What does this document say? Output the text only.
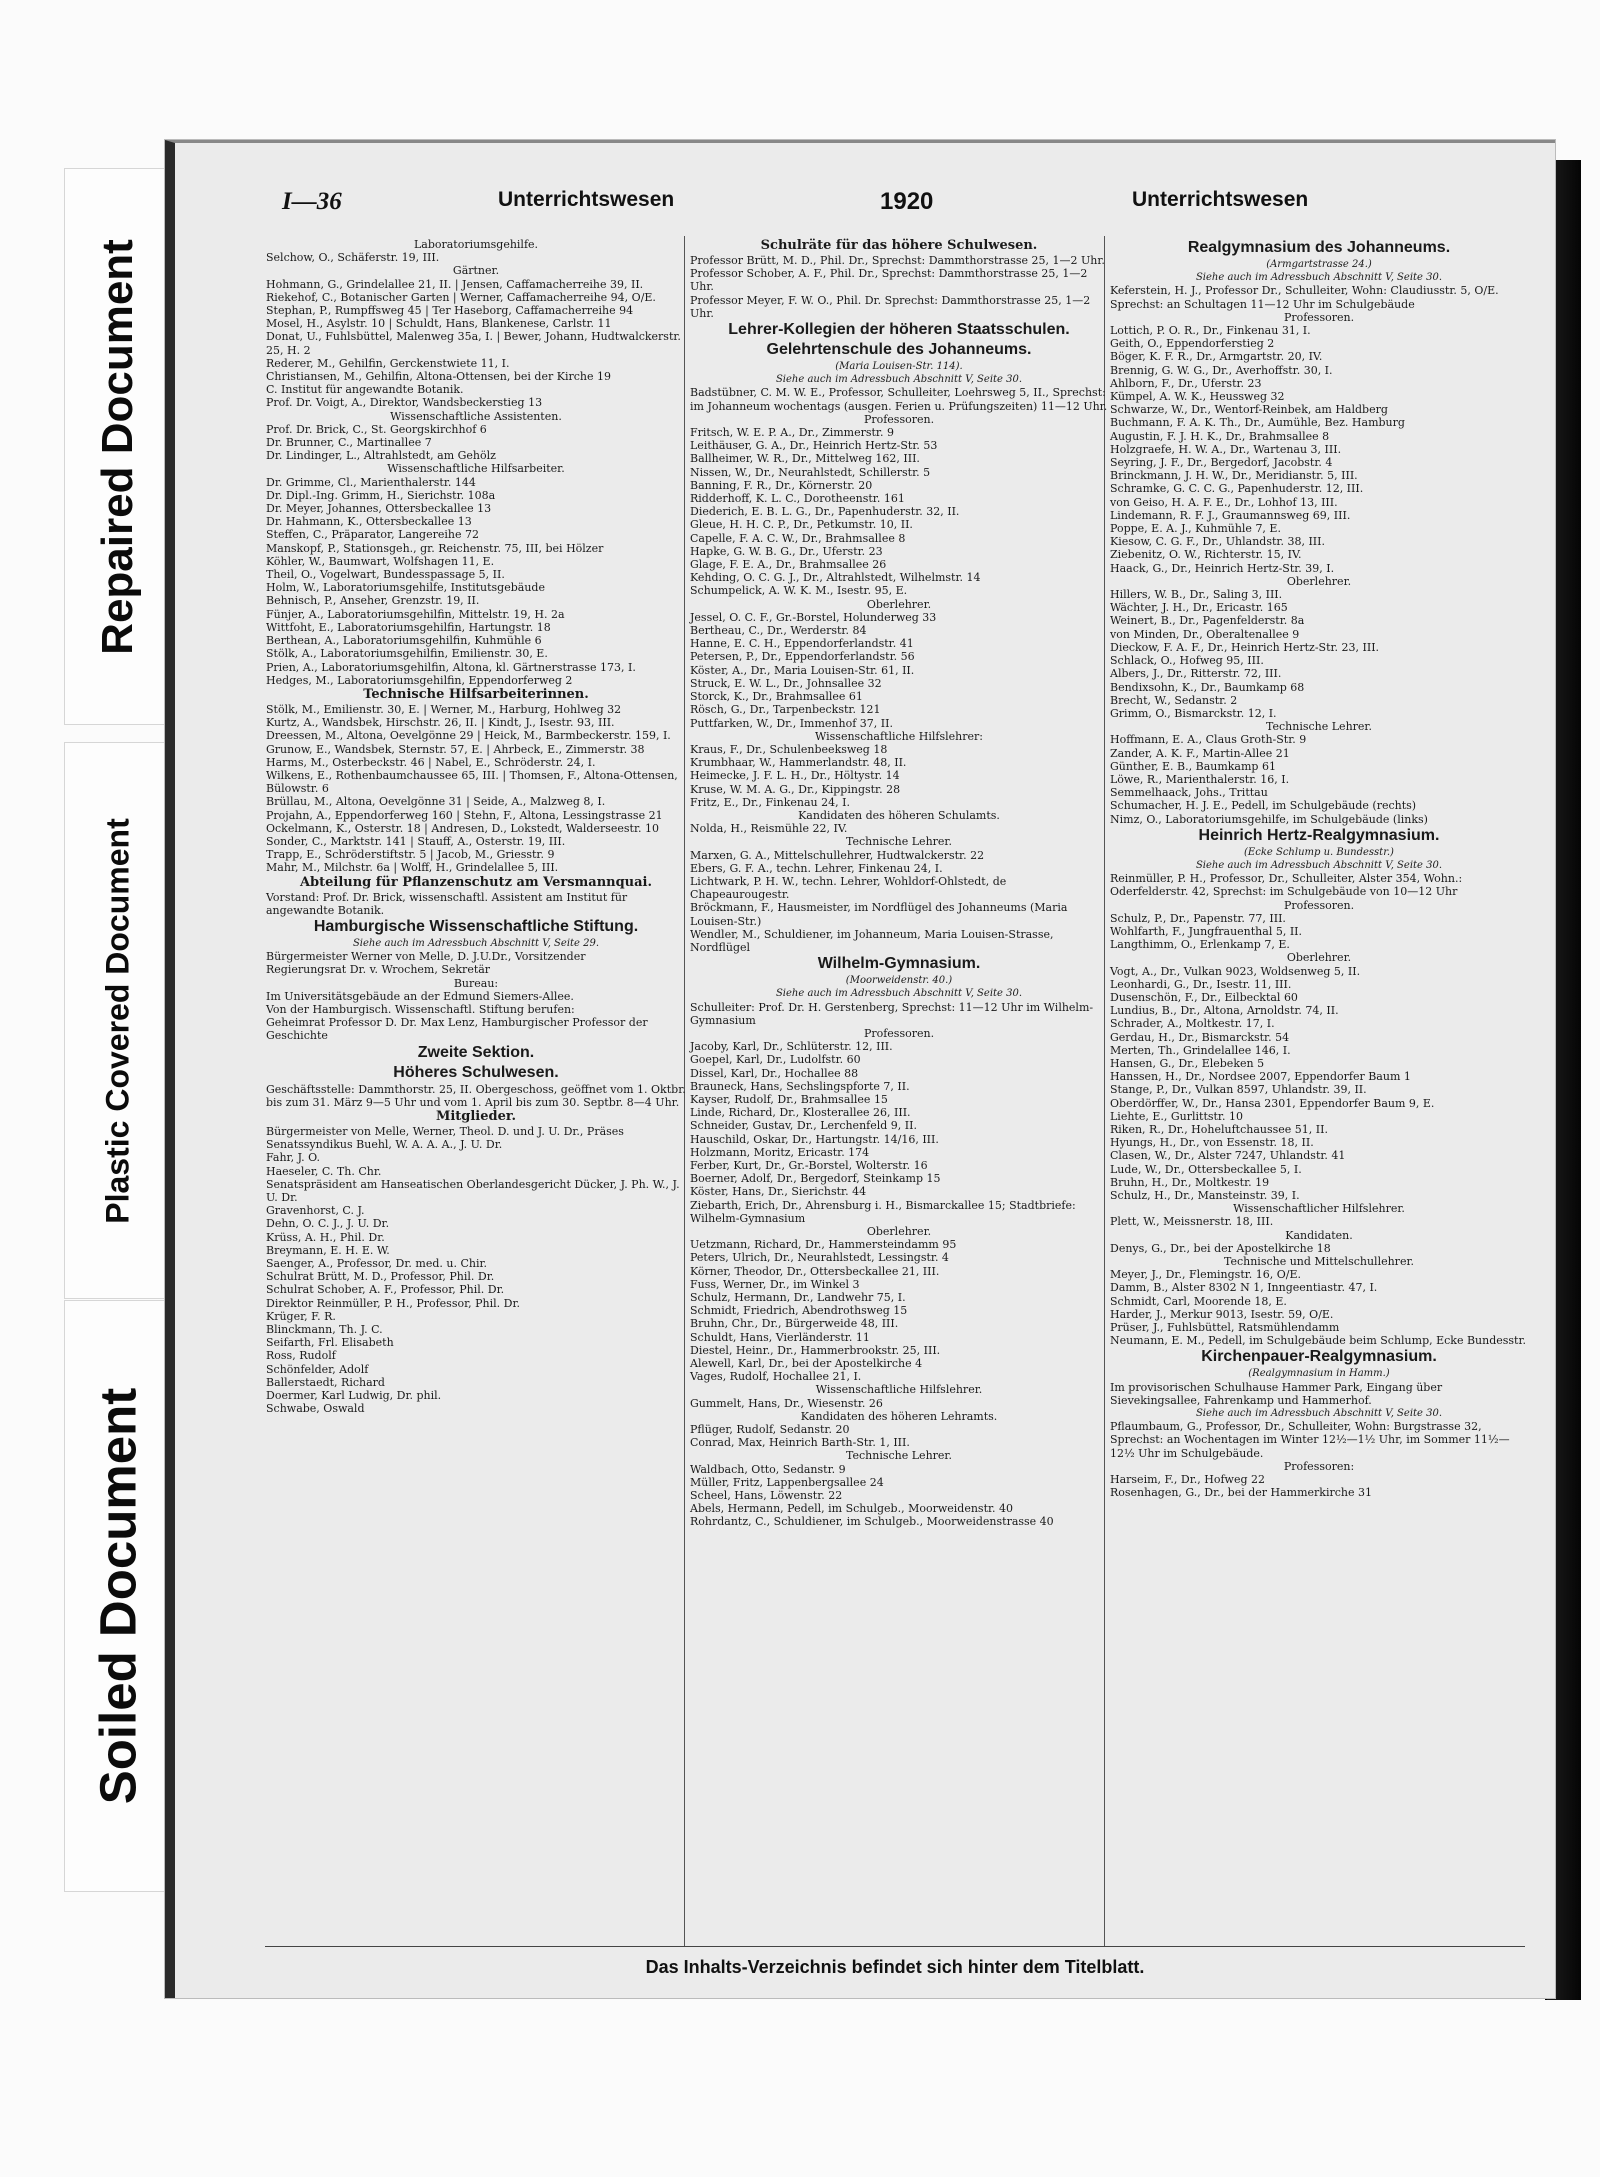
Repaired Document
Plastic Covered Document
Soiled Document
I—36	Unterrichtswesen	1920	Unterrichtswesen
Laboratoriumsgehilfe.
Selchow, O., Schäferstr. 19, III.
Gärtner.
Hohmann, G., Grindelallee 21, II. | Jensen, Caffamacherreihe 39, II.
Riekehof, C., Botanischer Garten | Werner, Caffamacherreihe 94, O/E.
Stephan, P., Rumpffsweg 45 | Ter Haseborg, Caffamacherreihe 94
Mosel, H., Asylstr. 10 | Schuldt, Hans, Blankenese, Carlstr. 11
Donat, U., Fuhlsbüttel, Malenweg 35a, I. | Bewer, Johann, Hudtwalckerstr. 25, H. 2
Rederer, M., Gehilfin, Gerckenstwiete 11, I.
Christiansen, M., Gehilfin, Altona-Ottensen, bei der Kirche 19
C. Institut für angewandte Botanik.
Prof. Dr. Voigt, A., Direktor, Wandsbeckerstieg 13
Wissenschaftliche Assistenten.
Prof. Dr. Brick, C., St. Georgskirchhof 6
Dr. Brunner, C., Martinallee 7
Dr. Lindinger, L., Altrahlstedt, am Gehölz
Wissenschaftliche Hilfsarbeiter.
Dr. Grimme, Cl., Marienthalerstr. 144
Dr. Dipl.-Ing. Grimm, H., Sierichstr. 108a
Dr. Meyer, Johannes, Ottersbeckallee 13
Dr. Hahmann, K., Ottersbeckallee 13
Steffen, C., Präparator, Langereihe 72
Manskopf, P., Stationsgeh., gr. Reichenstr. 75, III, bei Hölzer
Köhler, W., Baumwart, Wolfshagen 11, E.
Theil, O., Vogelwart, Bundesspassage 5, II.
Holm, W., Laboratoriumsgehilfe, Institutsgebäude
Behnisch, P., Anseher, Grenzstr. 19, II.
Fünjer, A., Laboratoriumsgehilfin, Mittelstr. 19, H. 2a
Wittfoht, E., Laboratoriumsgehilfin, Hartungstr. 18
Berthean, A., Laboratoriumsgehilfin, Kuhmühle 6
Stölk, A., Laboratoriumsgehilfin, Emilienstr. 30, E.
Prien, A., Laboratoriumsgehilfin, Altona, kl. Gärtnerstrasse 173, I.
Hedges, M., Laboratoriumsgehilfin, Eppendorferweg 2
Technische Hilfsarbeiterinnen.
Stölk, M., Emilienstr. 30, E. | Werner, M., Harburg, Hohlweg 32
Kurtz, A., Wandsbek, Hirschstr. 26, II. | Kindt, J., Isestr. 93, III.
Dreessen, M., Altona, Oevelgönne 29 | Heick, M., Barmbeckerstr. 159, I.
Grunow, E., Wandsbek, Sternstr. 57, E. | Ahrbeck, E., Zimmerstr. 38
Harms, M., Osterbeckstr. 46 | Nabel, E., Schröderstr. 24, I.
Wilkens, E., Rothenbaumchaussee 65, III. | Thomsen, F., Altona-Ottensen, Bülowstr. 6
Brüllau, M., Altona, Oevelgönne 31 | Seide, A., Malzweg 8, I.
Projahn, A., Eppendorferweg 160 | Stehn, F., Altona, Lessingstrasse 21
Ockelmann, K., Osterstr. 18 | Andresen, D., Lokstedt, Walderseestr. 10
Sonder, C., Marktstr. 141 | Stauff, A., Osterstr. 19, III.
Trapp, E., Schröderstiftstr. 5 | Jacob, M., Griesstr. 9
Mahr, M., Milchstr. 6a | Wolff, H., Grindelallee 5, III.
Abteilung für Pflanzenschutz am Versmannquai.
Vorstand: Prof. Dr. Brick, wissenschaftl. Assistent am Institut für angewandte Botanik.
Hamburgische Wissenschaftliche Stiftung.
Siehe auch im Adressbuch Abschnitt V, Seite 29.
Bürgermeister Werner von Melle, D. J.U.Dr., Vorsitzender
Regierungsrat Dr. v. Wrochem, Sekretär
Bureau:
Im Universitätsgebäude an der Edmund Siemers-Allee.
Von der Hamburgisch. Wissenschaftl. Stiftung berufen:
Geheimrat Professor D. Dr. Max Lenz, Hamburgischer Professor der Geschichte
Zweite Sektion.
Höheres Schulwesen.
Geschäftsstelle: Dammthorstr. 25, II. Obergeschoss, geöffnet vom 1. Oktbr. bis zum 31. März 9—5 Uhr und vom 1. April bis zum 30. Septbr. 8—4 Uhr.
Mitglieder.
Bürgermeister von Melle, Werner, Theol. D. und J. U. Dr., Präses
Senatssyndikus Buehl, W. A. A. A., J. U. Dr.
Fahr, J. O.
Haeseler, C. Th. Chr.
Senatspräsident am Hanseatischen Oberlandesgericht Dücker, J. Ph. W., J. U. Dr.
Gravenhorst, C. J.
Dehn, O. C. J., J. U. Dr.
Krüss, A. H., Phil. Dr.
Breymann, E. H. E. W.
Saenger, A., Professor, Dr. med. u. Chir.
Schulrat Brütt, M. D., Professor, Phil. Dr.
Schulrat Schober, A. F., Professor, Phil. Dr.
Direktor Reinmüller, P. H., Professor, Phil. Dr.
Krüger, F. R.
Blinckmann, Th. J. C.
Seifarth, Frl. Elisabeth
Ross, Rudolf
Schönfelder, Adolf
Ballerstaedt, Richard
Doermer, Karl Ludwig, Dr. phil.
Schwabe, Oswald
Schulräte für das höhere Schulwesen.
Professor Brütt, M. D., Phil. Dr., Sprechst: Dammthorstrasse 25, 1—2 Uhr.
Professor Schober, A. F., Phil. Dr., Sprechst: Dammthorstrasse 25, 1—2 Uhr.
Professor Meyer, F. W. O., Phil. Dr. Sprechst: Dammthorstrasse 25, 1—2 Uhr.
Lehrer-Kollegien der höheren Staatsschulen.
Gelehrtenschule des Johanneums.
(Maria Louisen-Str. 114).
Siehe auch im Adressbuch Abschnitt V, Seite 30.
Badstübner, C. M. W. E., Professor, Schulleiter, Loehrsweg 5, II., Sprechst: im Johanneum wochentags (ausgen. Ferien u. Prüfungszeiten) 11—12 Uhr.
Professoren.
Fritsch, W. E. P. A., Dr., Zimmerstr. 9
Leithäuser, G. A., Dr., Heinrich Hertz-Str. 53
Ballheimer, W. R., Dr., Mittelweg 162, III.
Nissen, W., Dr., Neurahlstedt, Schillerstr. 5
Banning, F. R., Dr., Körnerstr. 20
Ridderhoff, K. L. C., Dorotheenstr. 161
Diederich, E. B. L. G., Dr., Papenhuderstr. 32, II.
Gleue, H. H. C. P., Dr., Petkumstr. 10, II.
Capelle, F. A. C. W., Dr., Brahmsallee 8
Hapke, G. W. B. G., Dr., Uferstr. 23
Glage, F. E. A., Dr., Brahmsallee 26
Kehding, O. C. G. J., Dr., Altrahlstedt, Wilhelmstr. 14
Schumpelick, A. W. K. M., Isestr. 95, E.
Oberlehrer.
Jessel, O. C. F., Gr.-Borstel, Holunderweg 33
Bertheau, C., Dr., Werderstr. 84
Hanne, E. C. H., Eppendorferlandstr. 41
Petersen, P., Dr., Eppendorferlandstr. 56
Köster, A., Dr., Maria Louisen-Str. 61, II.
Struck, E. W. L., Dr., Johnsallee 32
Storck, K., Dr., Brahmsallee 61
Rösch, G., Dr., Tarpenbeckstr. 121
Puttfarken, W., Dr., Immenhof 37, II.
Wissenschaftliche Hilfslehrer:
Kraus, F., Dr., Schulenbeeksweg 18
Krumbhaar, W., Hammerlandstr. 48, II.
Heimecke, J. F. L. H., Dr., Höltystr. 14
Kruse, W. M. A. G., Dr., Kippingstr. 28
Fritz, E., Dr., Finkenau 24, I.
Kandidaten des höheren Schulamts.
Nolda, H., Reismühle 22, IV.
Technische Lehrer.
Marxen, G. A., Mittelschullehrer, Hudtwalckerstr. 22
Ebers, G. F. A., techn. Lehrer, Finkenau 24, I.
Lichtwark, P. H. W., techn. Lehrer, Wohldorf-Ohlstedt, de Chapeaurougestr.
Bröckmann, F., Hausmeister, im Nordflügel des Johanneums (Maria Louisen-Str.)
Wendler, M., Schuldiener, im Johanneum, Maria Louisen-Strasse, Nordflügel
Wilhelm-Gymnasium.
(Moorweidenstr. 40.)
Siehe auch im Adressbuch Abschnitt V, Seite 30.
Schulleiter: Prof. Dr. H. Gerstenberg, Sprechst: 11—12 Uhr im Wilhelm-Gymnasium
Professoren.
Jacoby, Karl, Dr., Schlüterstr. 12, III.
Goepel, Karl, Dr., Ludolfstr. 60
Dissel, Karl, Dr., Hochallee 88
Brauneck, Hans, Sechslingspforte 7, II.
Kayser, Rudolf, Dr., Brahmsallee 15
Linde, Richard, Dr., Klosterallee 26, III.
Schneider, Gustav, Dr., Lerchenfeld 9, II.
Hauschild, Oskar, Dr., Hartungstr. 14/16, III.
Holzmann, Moritz, Ericastr. 174
Ferber, Kurt, Dr., Gr.-Borstel, Wolterstr. 16
Boerner, Adolf, Dr., Bergedorf, Steinkamp 15
Köster, Hans, Dr., Sierichstr. 44
Ziebarth, Erich, Dr., Ahrensburg i. H., Bismarckallee 15; Stadtbriefe: Wilhelm-Gymnasium
Oberlehrer.
Uetzmann, Richard, Dr., Hammersteindamm 95
Peters, Ulrich, Dr., Neurahlstedt, Lessingstr. 4
Körner, Theodor, Dr., Ottersbeckallee 21, III.
Fuss, Werner, Dr., im Winkel 3
Schulz, Hermann, Dr., Landwehr 75, I.
Schmidt, Friedrich, Abendrothsweg 15
Bruhn, Chr., Dr., Bürgerweide 48, III.
Schuldt, Hans, Vierländerstr. 11
Diestel, Heinr., Dr., Hammerbrookstr. 25, III.
Alewell, Karl, Dr., bei der Apostelkirche 4
Vages, Rudolf, Hochallee 21, I.
Wissenschaftliche Hilfslehrer.
Gummelt, Hans, Dr., Wiesenstr. 26
Kandidaten des höheren Lehramts.
Pflüger, Rudolf, Sedanstr. 20
Conrad, Max, Heinrich Barth-Str. 1, III.
Technische Lehrer.
Waldbach, Otto, Sedanstr. 9
Müller, Fritz, Lappenbergsallee 24
Scheel, Hans, Löwenstr. 22
Abels, Hermann, Pedell, im Schulgeb., Moorweidenstr. 40
Rohrdantz, C., Schuldiener, im Schulgeb., Moorweidenstrasse 40
Realgymnasium des Johanneums.
(Armgartstrasse 24.)
Siehe auch im Adressbuch Abschnitt V, Seite 30.
Keferstein, H. J., Professor Dr., Schulleiter, Wohn: Claudiusstr. 5, O/E. Sprechst: an Schultagen 11—12 Uhr im Schulgebäude
Professoren.
Lottich, P. O. R., Dr., Finkenau 31, I.
Geith, O., Eppendorferstieg 2
Böger, K. F. R., Dr., Armgartstr. 20, IV.
Brennig, G. W. G., Dr., Averhoffstr. 30, I.
Ahlborn, F., Dr., Uferstr. 23
Kümpel, A. W. K., Heussweg 32
Schwarze, W., Dr., Wentorf-Reinbek, am Haldberg
Buchmann, F. A. K. Th., Dr., Aumühle, Bez. Hamburg
Augustin, F. J. H. K., Dr., Brahmsallee 8
Holzgraefe, H. W. A., Dr., Wartenau 3, III.
Seyring, J. F., Dr., Bergedorf, Jacobstr. 4
Brinckmann, J. H. W., Dr., Meridianstr. 5, III.
Schramke, G. C. C. G., Papenhuderstr. 12, III.
von Geiso, H. A. F. E., Dr., Lohhof 13, III.
Lindemann, R. F. J., Graumannsweg 69, III.
Poppe, E. A. J., Kuhmühle 7, E.
Kiesow, C. G. F., Dr., Uhlandstr. 38, III.
Ziebenitz, O. W., Richterstr. 15, IV.
Haack, G., Dr., Heinrich Hertz-Str. 39, I.
Oberlehrer.
Hillers, W. B., Dr., Saling 3, III.
Wächter, J. H., Dr., Ericastr. 165
Weinert, B., Dr., Pagenfelderstr. 8a
von Minden, Dr., Oberaltenallee 9
Dieckow, F. A. F., Dr., Heinrich Hertz-Str. 23, III.
Schlack, O., Hofweg 95, III.
Albers, J., Dr., Ritterstr. 72, III.
Bendixsohn, K., Dr., Baumkamp 68
Brecht, W., Sedanstr. 2
Grimm, O., Bismarckstr. 12, I.
Technische Lehrer.
Hoffmann, E. A., Claus Groth-Str. 9
Zander, A. K. F., Martin-Allee 21
Günther, E. B., Baumkamp 61
Löwe, R., Marienthalerstr. 16, I.
Semmelhaack, Johs., Trittau
Schumacher, H. J. E., Pedell, im Schulgebäude (rechts)
Nimz, O., Laboratoriumsgehilfe, im Schulgebäude (links)
Heinrich Hertz-Realgymnasium.
(Ecke Schlump u. Bundesstr.)
Siehe auch im Adressbuch Abschnitt V, Seite 30.
Reinmüller, P. H., Professor, Dr., Schulleiter, Alster 354, Wohn.: Oderfelderstr. 42, Sprechst: im Schulgebäude von 10—12 Uhr
Professoren.
Schulz, P., Dr., Papenstr. 77, III.
Wohlfarth, F., Jungfrauenthal 5, II.
Langthimm, O., Erlenkamp 7, E.
Oberlehrer.
Vogt, A., Dr., Vulkan 9023, Woldsenweg 5, II.
Leonhardi, G., Dr., Isestr. 11, III.
Dusenschön, F., Dr., Eilbecktal 60
Lundius, B., Dr., Altona, Arnoldstr. 74, II.
Schrader, A., Moltkestr. 17, I.
Gerdau, H., Dr., Bismarckstr. 54
Merten, Th., Grindelallee 146, I.
Hansen, G., Dr., Elebeken 5
Hanssen, H., Dr., Nordsee 2007, Eppendorfer Baum 1
Stange, P., Dr., Vulkan 8597, Uhlandstr. 39, II.
Oberdörffer, W., Dr., Hansa 2301, Eppendorfer Baum 9, E.
Liehte, E., Gurlittstr. 10
Riken, R., Dr., Hoheluftchaussee 51, II.
Hyungs, H., Dr., von Essenstr. 18, II.
Clasen, W., Dr., Alster 7247, Uhlandstr. 41
Lude, W., Dr., Ottersbeckallee 5, I.
Bruhn, H., Dr., Moltkestr. 19
Schulz, H., Dr., Mansteinstr. 39, I.
Wissenschaftlicher Hilfslehrer.
Plett, W., Meissnerstr. 18, III.
Kandidaten.
Denys, G., Dr., bei der Apostelkirche 18
Technische und Mittelschullehrer.
Meyer, J., Dr., Flemingstr. 16, O/E.
Damm, B., Alster 8302 N 1, Inngeentiastr. 47, I.
Schmidt, Carl, Moorende 18, E.
Harder, J., Merkur 9013, Isestr. 59, O/E.
Prüser, J., Fuhlsbüttel, Ratsmühlendamm
Neumann, E. M., Pedell, im Schulgebäude beim Schlump, Ecke Bundesstr.
Kirchenpauer-Realgymnasium.
(Realgymnasium in Hamm.)
Im provisorischen Schulhause Hammer Park, Eingang über Sievekingsallee, Fahrenkamp und Hammerhof.
Siehe auch im Adressbuch Abschnitt V, Seite 30.
Pflaumbaum, G., Professor, Dr., Schulleiter, Wohn: Burgstrasse 32, Sprechst: an Wochentagen im Winter 12½—1½ Uhr, im Sommer 11½—12½ Uhr im Schulgebäude.
Professoren:
Harseim, F., Dr., Hofweg 22
Rosenhagen, G., Dr., bei der Hammerkirche 31
Das Inhalts-Verzeichnis befindet sich hinter dem Titelblatt.
